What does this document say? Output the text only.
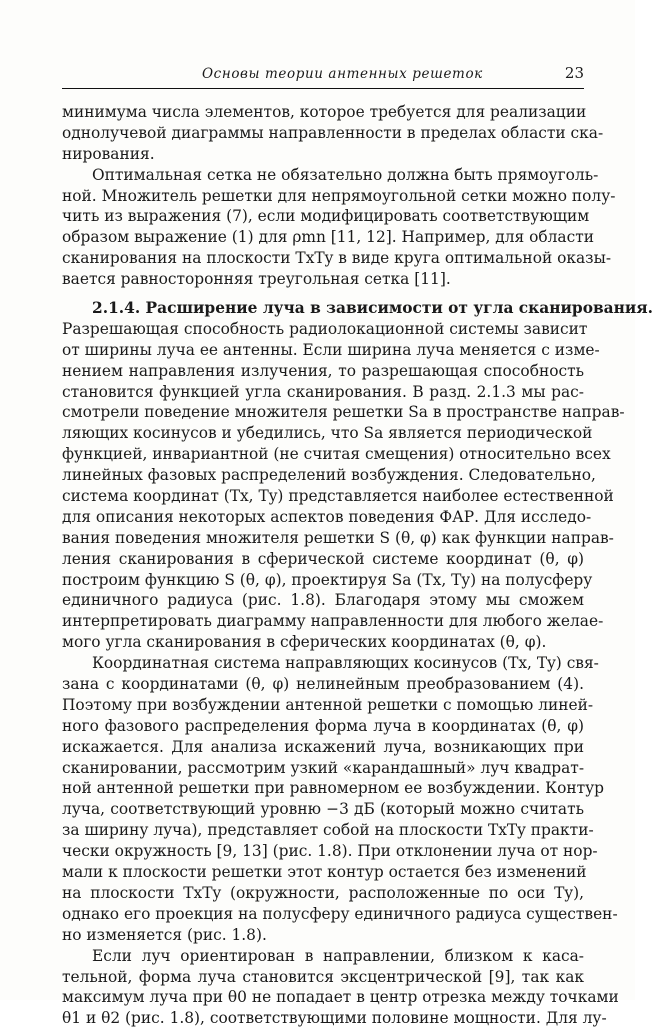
Основы теории антенных решеток	23
минимума числа элементов, которое требуется для реализации
однолучевой диаграммы направленности в пределах области ска-
нирования.
Оптимальная сетка не обязательно должна быть прямоуголь-
ной. Множитель решетки для непрямоугольной сетки можно полу-
чить из выражения (7), если модифицировать соответствующим
образом выражение (1) для ρmn [11, 12]. Например, для области
сканирования на плоскости TxTy в виде круга оптимальной оказы-
вается равносторонняя треугольная сетка [11].
2.1.4. Расширение луча в зависимости от угла сканирования.
Разрешающая способность радиолокационной системы зависит
от ширины луча ее антенны. Если ширина луча меняется с изме-
нением направления излучения, то разрешающая способность
становится функцией угла сканирования. В разд. 2.1.3 мы рас-
смотрели поведение множителя решетки Sa в пространстве направ-
ляющих косинусов и убедились, что Sa является периодической
функцией, инвариантной (не считая смещения) относительно всех
линейных фазовых распределений возбуждения. Следовательно,
система координат (Tx, Ty) представляется наиболее естественной
для описания некоторых аспектов поведения ФАР. Для исследо-
вания поведения множителя решетки S (θ, φ) как функции направ-
ления сканирования в сферической системе координат (θ, φ)
построим функцию S (θ, φ), проектируя Sa (Tx, Ty) на полусферу
единичного радиуса (рис. 1.8). Благодаря этому мы сможем
интерпретировать диаграмму направленности для любого желае-
мого угла сканирования в сферических координатах (θ, φ).
Координатная система направляющих косинусов (Tx, Ty) свя-
зана с координатами (θ, φ) нелинейным преобразованием (4).
Поэтому при возбуждении антенной решетки с помощью линей-
ного фазового распределения форма луча в координатах (θ, φ)
искажается. Для анализа искажений луча, возникающих при
сканировании, рассмотрим узкий «карандашный» луч квадрат-
ной антенной решетки при равномерном ее возбуждении. Контур
луча, соответствующий уровню −3 дБ (который можно считать
за ширину луча), представляет собой на плоскости TxTy практи-
чески окружность [9, 13] (рис. 1.8). При отклонении луча от нор-
мали к плоскости решетки этот контур остается без изменений
на плоскости TxTy (окружности, расположенные по оси Ty),
однако его проекция на полусферу единичного радиуса существен-
но изменяется (рис. 1.8).
Если луч ориентирован в направлении, близком к каса-
тельной, форма луча становится эксцентрической [9], так как
максимум луча при θ0 не попадает в центр отрезка между точками
θ1 и θ2 (рис. 1.8), соответствующими половине мощности. Для лу-
